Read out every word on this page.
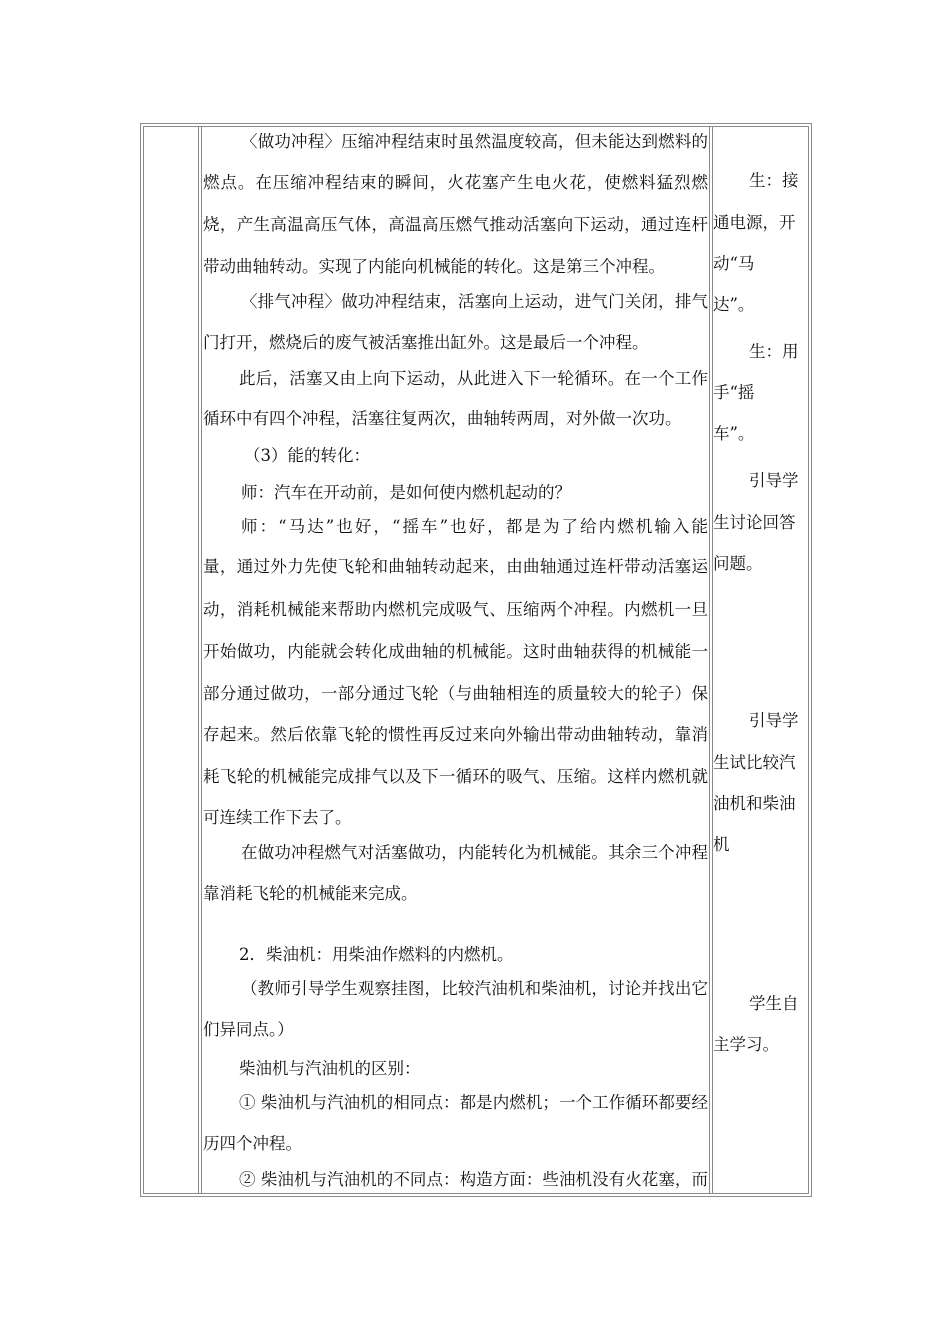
〈做功冲程〉压缩冲程结束时虽然温度较高，但未能达到燃料的
燃点。在压缩冲程结束的瞬间，火花塞产生电火花，使燃料猛烈燃
烧，产生高温高压气体，高温高压燃气推动活塞向下运动，通过连杆
带动曲轴转动。实现了内能向机械能的转化。这是第三个冲程。
〈排气冲程〉做功冲程结束，活塞向上运动，进气门关闭，排气
门打开，燃烧后的废气被活塞推出缸外。这是最后一个冲程。
此后，活塞又由上向下运动，从此进入下一轮循环。在一个工作
循环中有四个冲程，活塞往复两次，曲轴转两周，对外做一次功。
（3）能的转化：
师：汽车在开动前，是如何使内燃机起动的？
师：“马达”也好，“摇车”也好，都是为了给内燃机输入能
量，通过外力先使飞轮和曲轴转动起来，由曲轴通过连杆带动活塞运
动，消耗机械能来帮助内燃机完成吸气、压缩两个冲程。内燃机一旦
开始做功，内能就会转化成曲轴的机械能。这时曲轴获得的机械能一
部分通过做功，一部分通过飞轮（与曲轴相连的质量较大的轮子）保
存起来。然后依靠飞轮的惯性再反过来向外输出带动曲轴转动，靠消
耗飞轮的机械能完成排气以及下一循环的吸气、压缩。这样内燃机就
可连续工作下去了。
在做功冲程燃气对活塞做功，内能转化为机械能。其余三个冲程
靠消耗飞轮的机械能来完成。
2．柴油机：用柴油作燃料的内燃机。
（教师引导学生观察挂图，比较汽油机和柴油机，讨论并找出它
们异同点。）
柴油机与汽油机的区别：
① 柴油机与汽油机的相同点：都是内燃机；一个工作循环都要经
历四个冲程。
② 柴油机与汽油机的不同点：构造方面：些油机没有火花塞，而
生：接
通电源，开
动“马
达”。
生：用
手“摇
车”。
引导学
生讨论回答
问题。
引导学
生试比较汽
油机和柴油
机
学生自
主学习。
